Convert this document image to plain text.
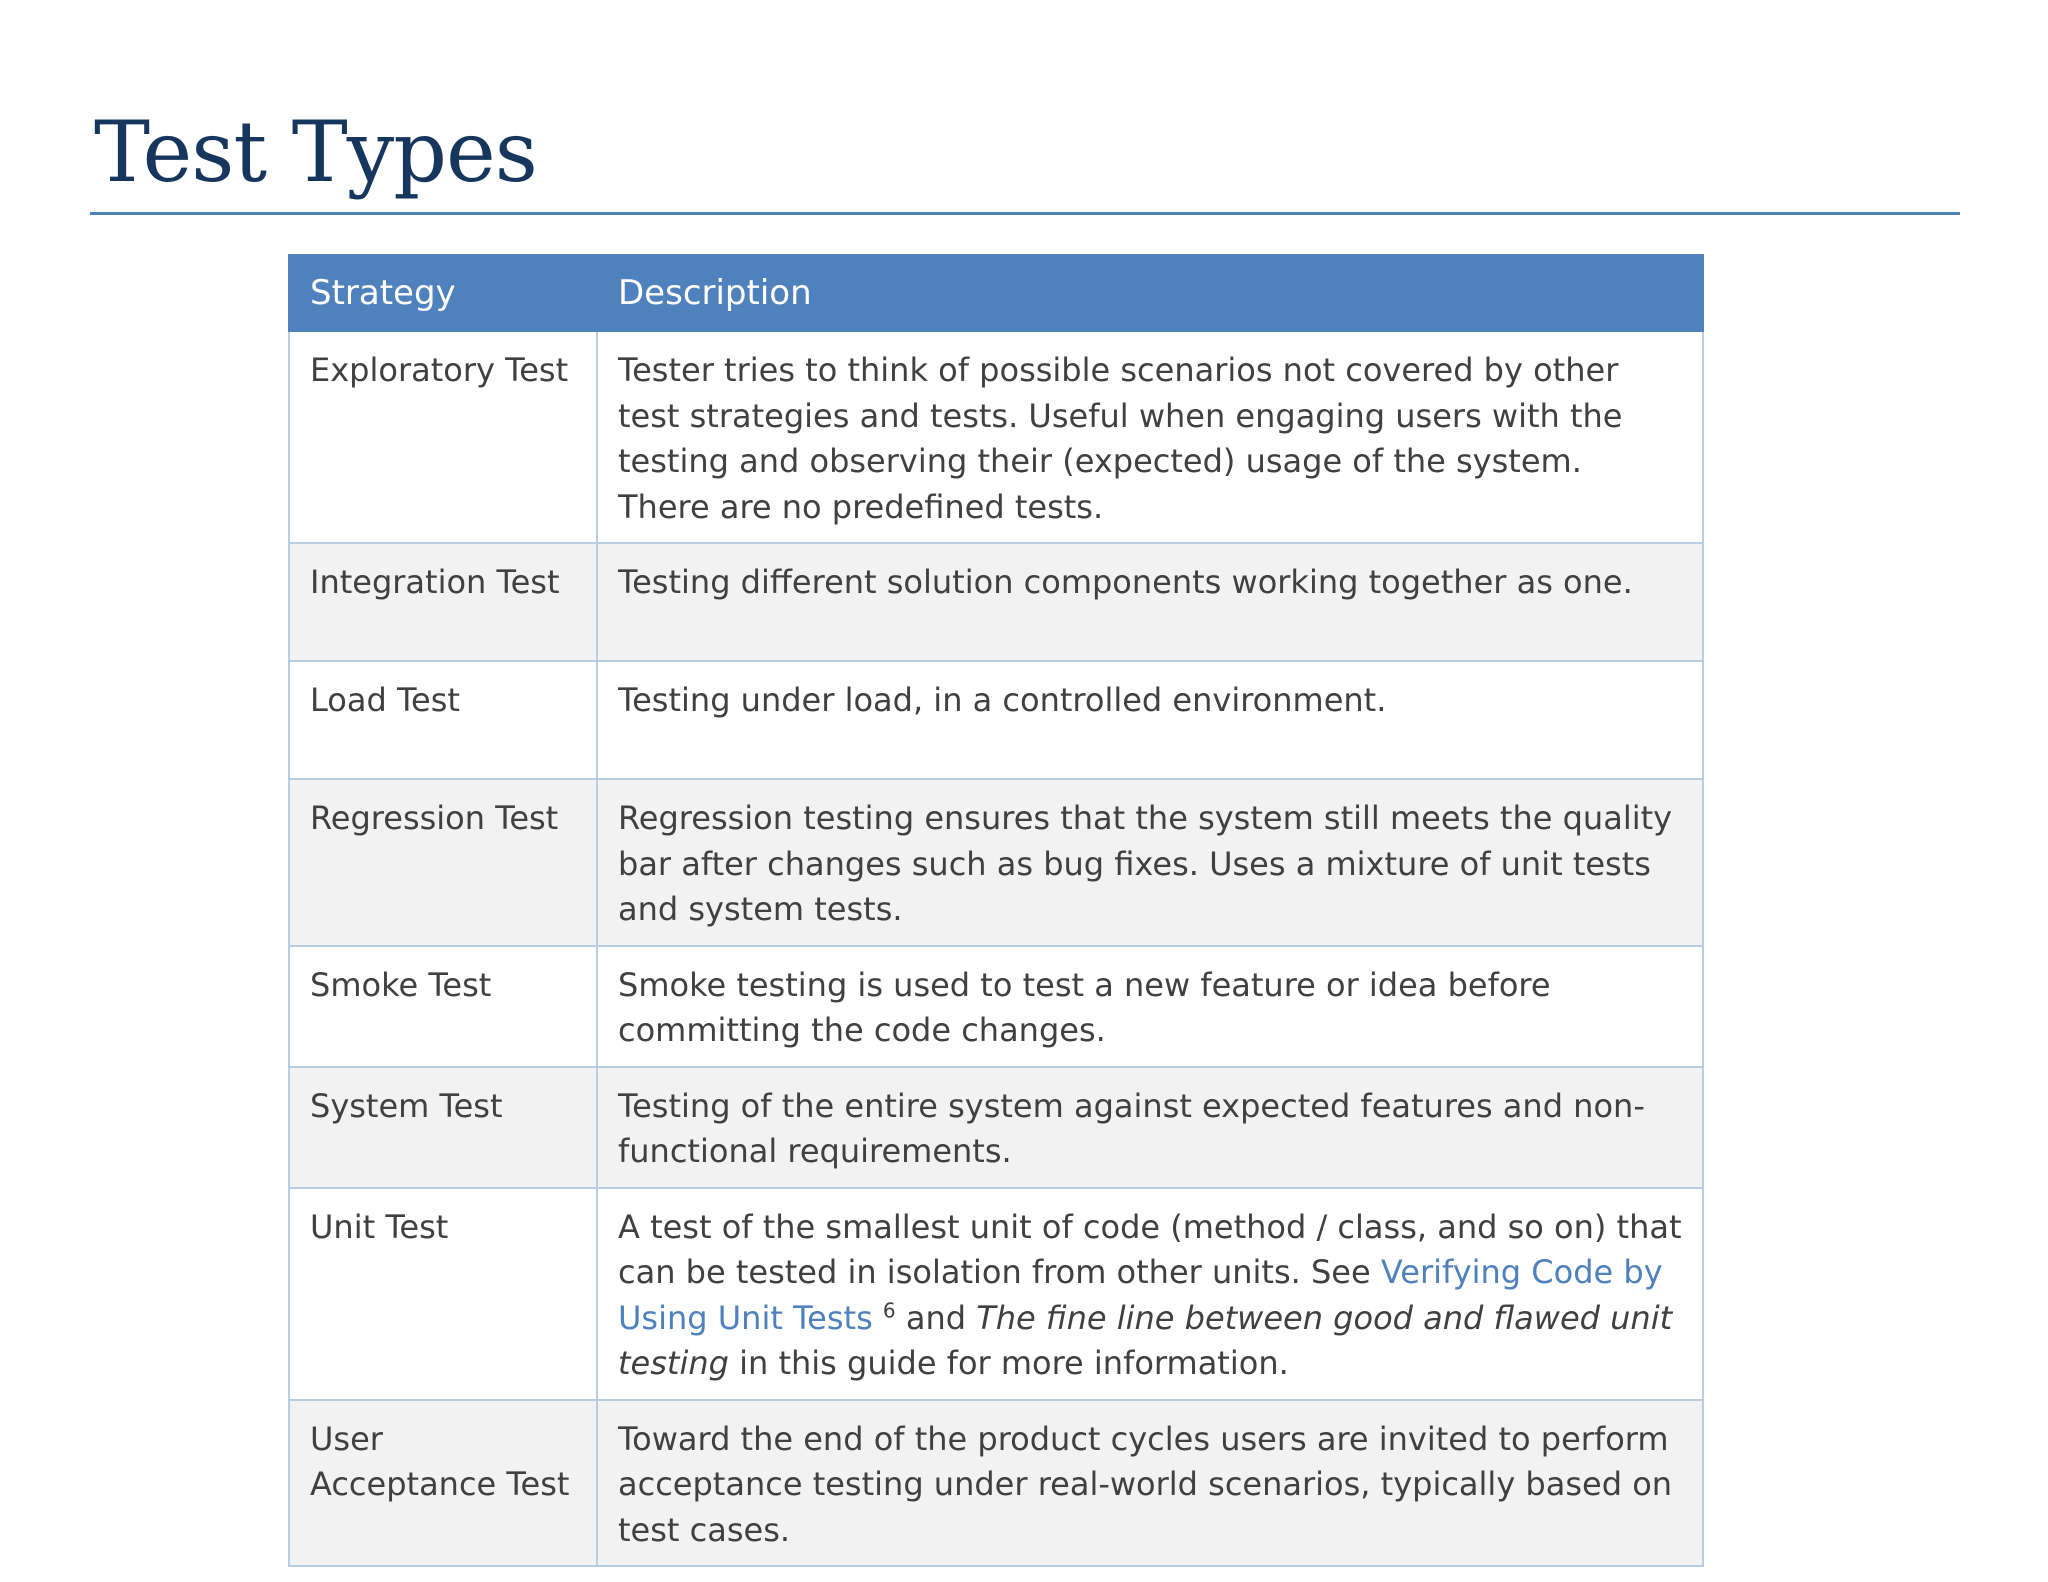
Test Types
Strategy	Description
Exploratory Test	Tester tries to think of possible scenarios not covered by other test strategies and tests. Useful when engaging users with the testing and observing their (expected) usage of the system. There are no predefined tests.
Integration Test	Testing different solution components working together as one.
Load Test	Testing under load, in a controlled environment.
Regression Test	Regression testing ensures that the system still meets the quality bar after changes such as bug fixes. Uses a mixture of unit tests and system tests.
Smoke Test	Smoke testing is used to test a new feature or idea before committing the code changes.
System Test	Testing of the entire system against expected features and non-functional requirements.
Unit Test	A test of the smallest unit of code (method / class, and so on) that can be tested in isolation from other units. See Verifying Code by Using Unit Tests $^6$ and The fine line between good and flawed unit testing in this guide for more information.
User Acceptance Test	Toward the end of the product cycles users are invited to perform acceptance testing under real-world scenarios, typically based on test cases.
